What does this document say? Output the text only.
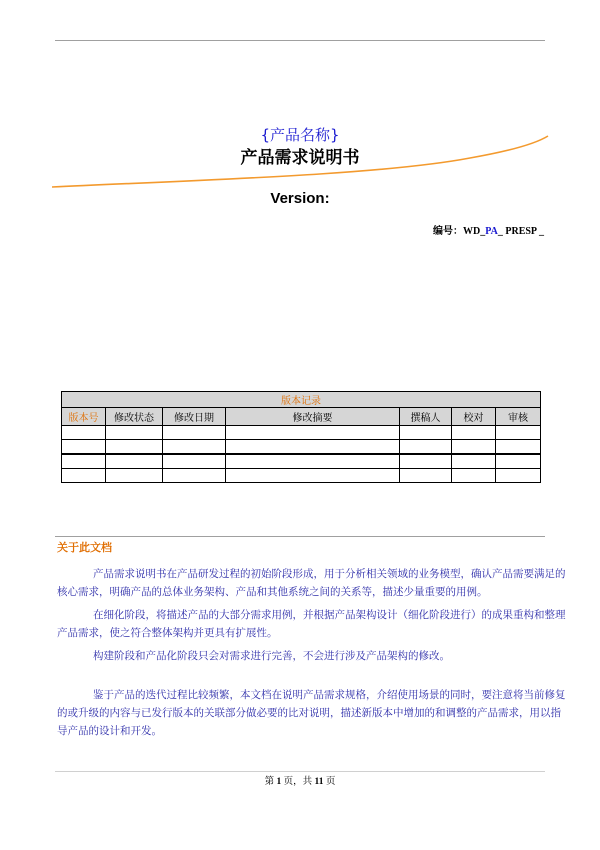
{产品名称}
产品需求说明书
Version:
编号：WD_PA_ PRESP _
版本记录						
版本号	修改状态	修改日期	修改摘要	撰稿人	校对	审核

关于此文档

产品需求说明书在产品研发过程的初始阶段形成，用于分析相关领域的业务模型，确认产品需要满足的核心需求，明确产品的总体业务架构、产品和其他系统之间的关系等，描述少量重要的用例。

在细化阶段，将描述产品的大部分需求用例，并根据产品架构设计（细化阶段进行）的成果重构和整理产品需求，使之符合整体架构并更具有扩展性。

构建阶段和产品化阶段只会对需求进行完善，不会进行涉及产品架构的修改。

鉴于产品的迭代过程比较频繁，本文档在说明产品需求规格，介绍使用场景的同时，要注意将当前修复的或升级的内容与已发行版本的关联部分做必要的比对说明，描述新版本中增加的和调整的产品需求，用以指导产品的设计和开发。

第 1 页，共 11 页
